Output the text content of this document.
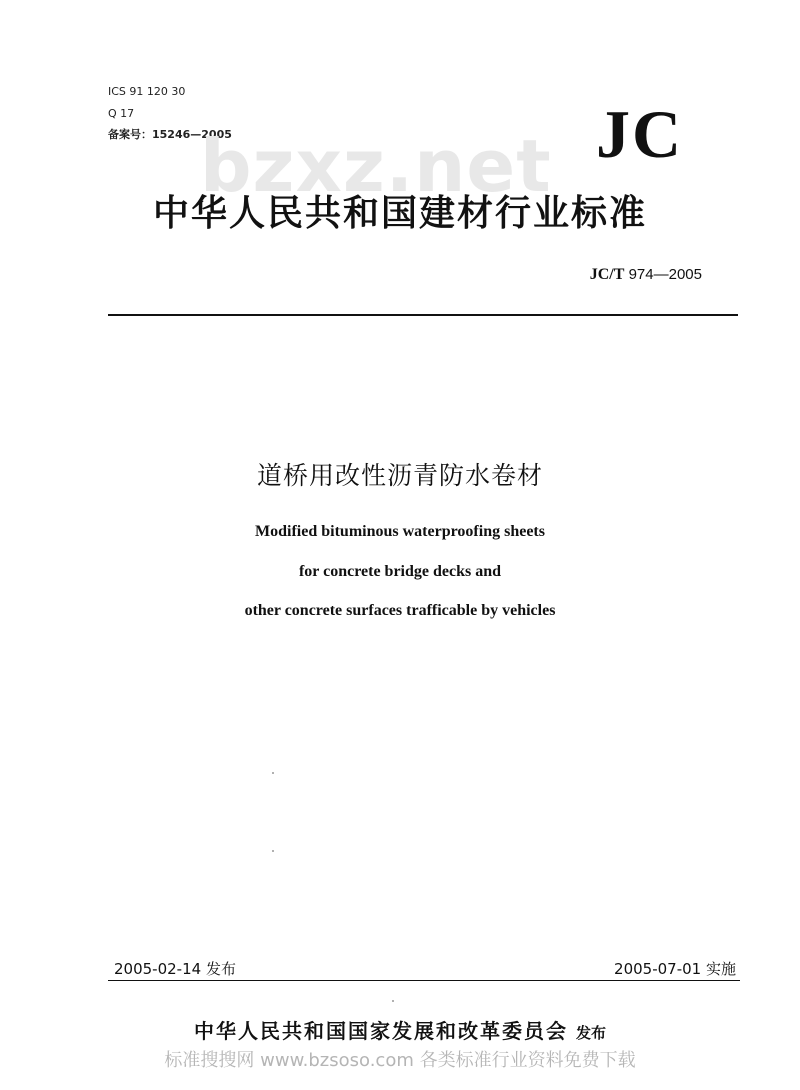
ICS 91 120 30
Q 17
备案号：15246—2005
bzxz.net JC
中华人民共和国建材行业标准
JC/T 974—2005
道桥用改性沥青防水卷材
Modified bituminous waterproofing sheets
for concrete bridge decks and
other concrete surfaces trafficable by vehicles
2005-02-14 发布	2005-07-01 实施
中华人民共和国国家发展和改革委员会 发布
标准搜搜网 www.bzsoso.com 各类标准行业资料免费下载
